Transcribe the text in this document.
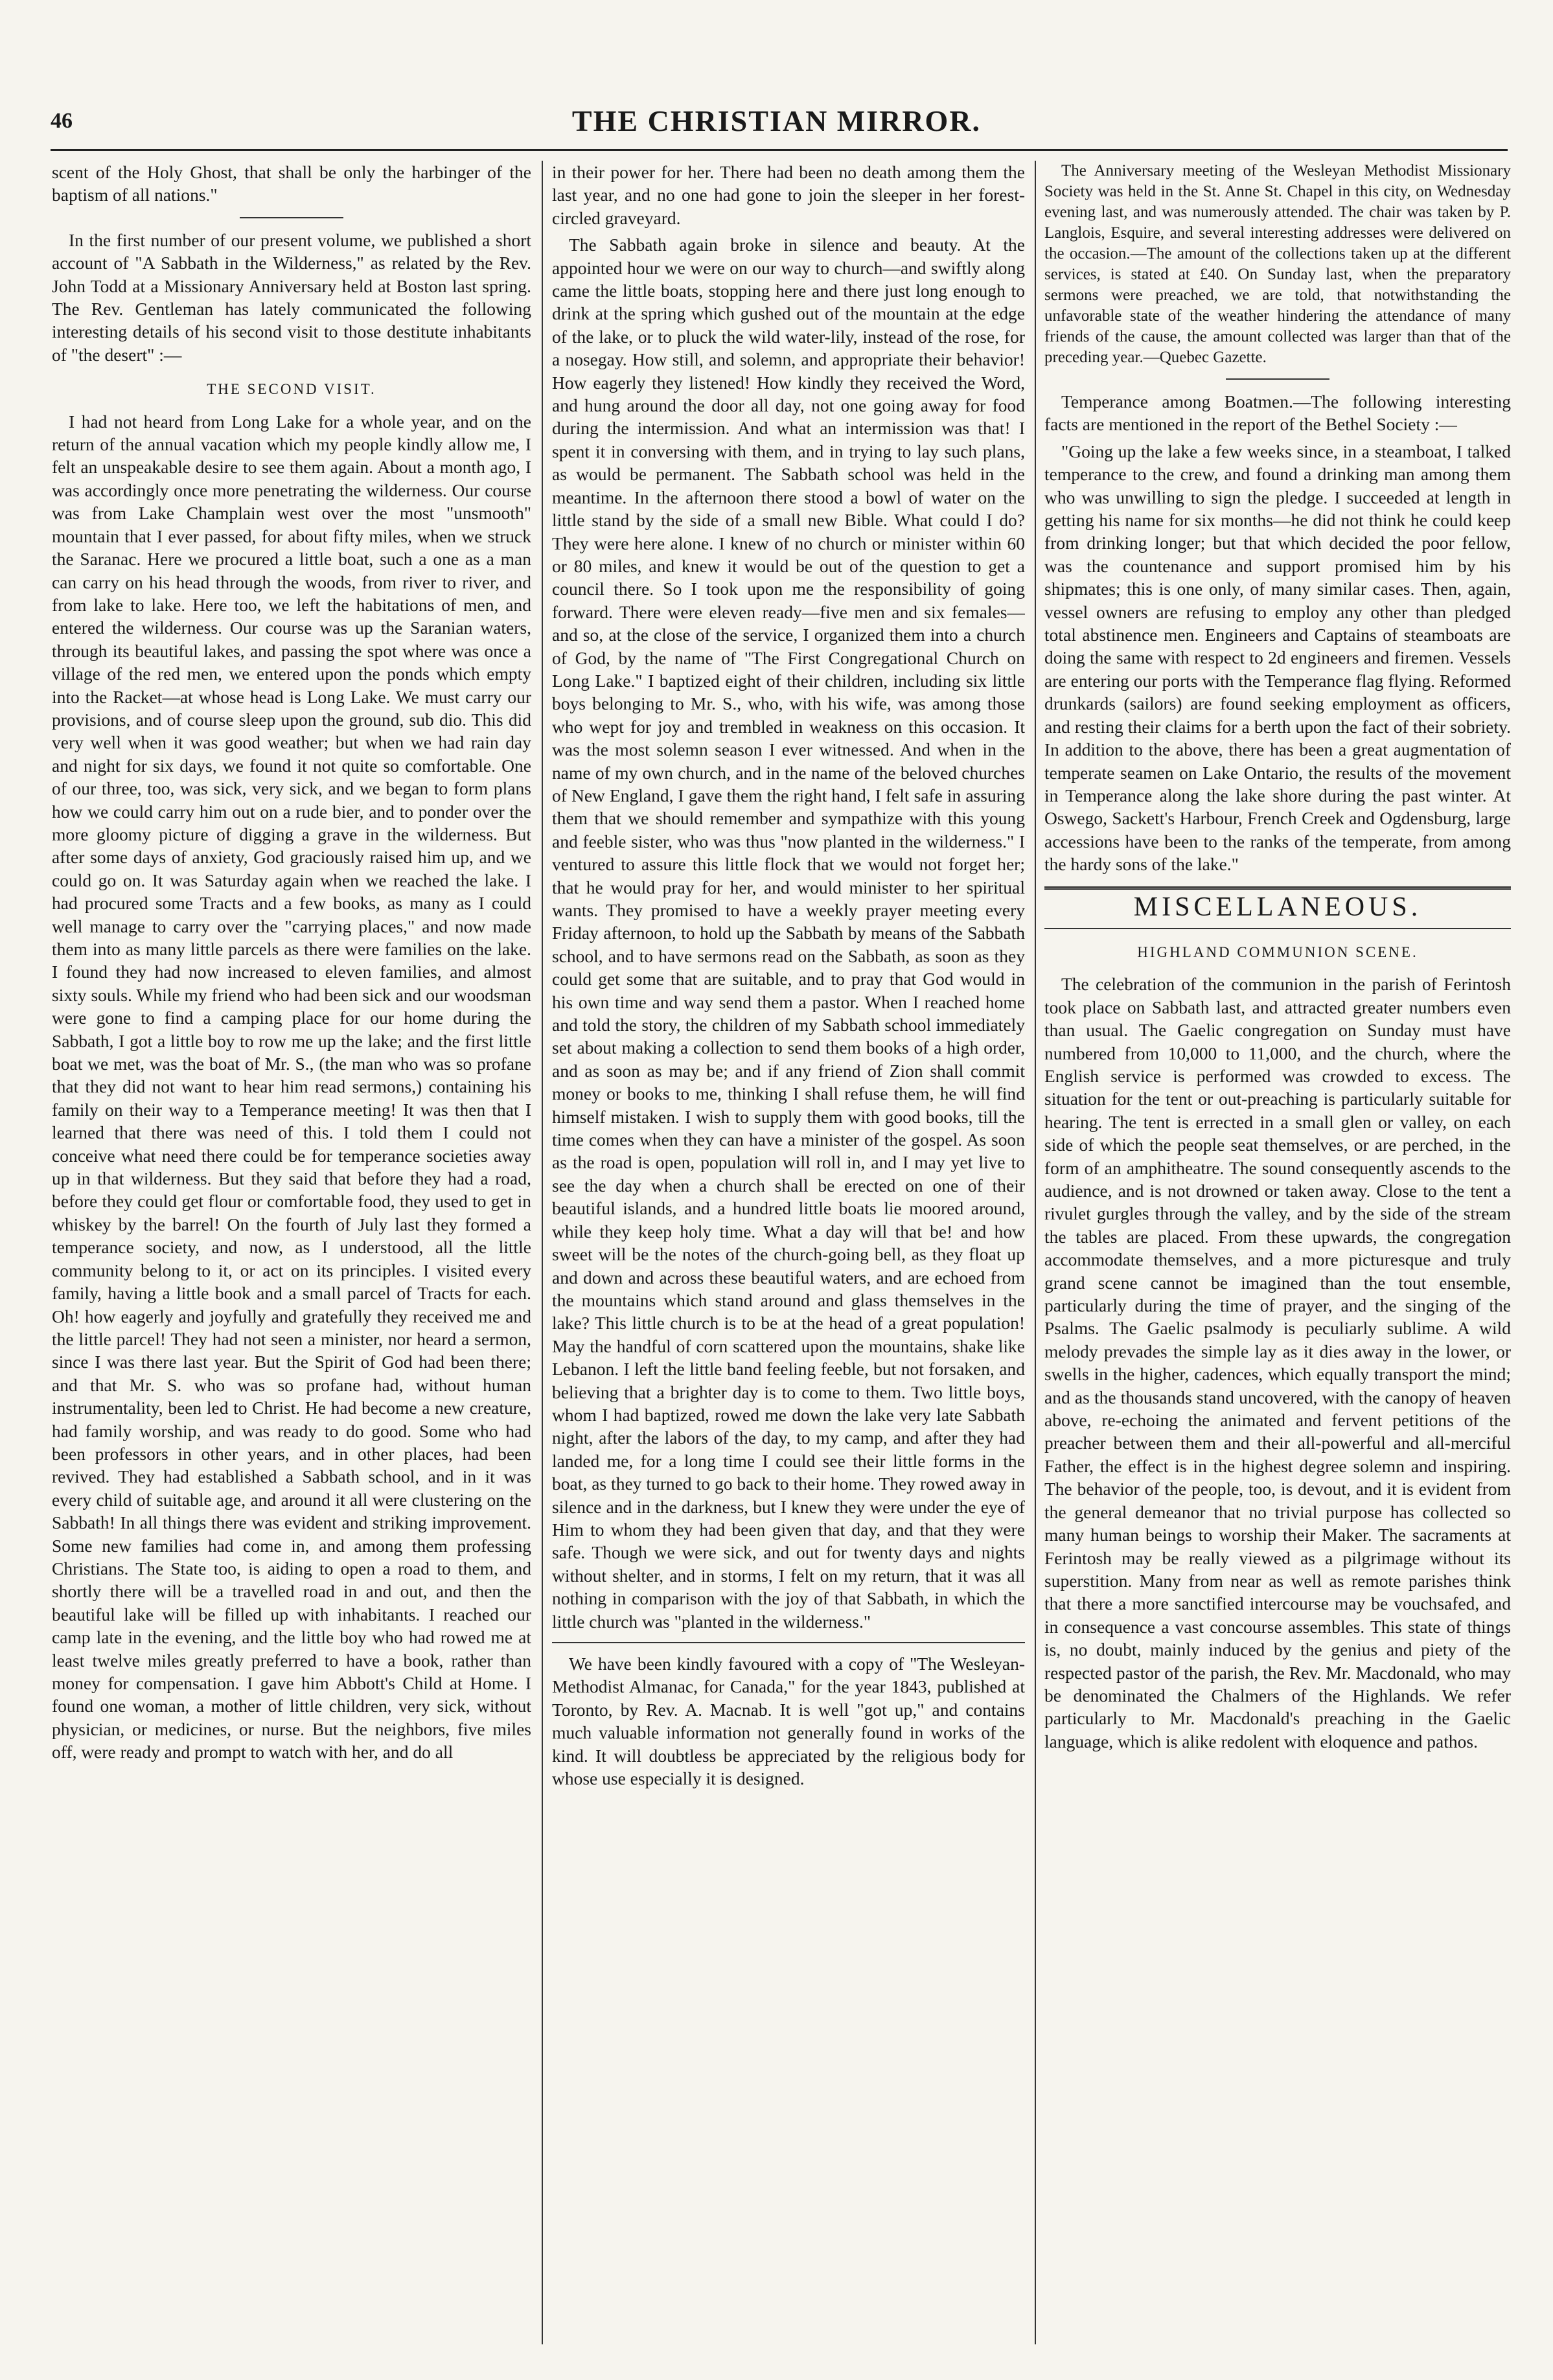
46	THE CHRISTIAN MIRROR.

scent of the Holy Ghost, that shall be only the harbinger of the baptism of all nations."

In the first number of our present volume, we published a short account of "A Sabbath in the Wilderness," as related by the Rev. John Todd at a Missionary Anniversary held at Boston last spring. The Rev. Gentleman has lately communicated the following interesting details of his second visit to those destitute inhabitants of "the desert" :—

THE SECOND VISIT.

I had not heard from Long Lake for a whole year, and on the return of the annual vacation which my people kindly allow me, I felt an unspeakable desire to see them again. About a month ago, I was accordingly once more penetrating the wilderness. Our course was from Lake Champlain west over the most "unsmooth" mountain that I ever passed, for about fifty miles, when we struck the Saranac. Here we procured a little boat, such a one as a man can carry on his head through the woods, from river to river, and from lake to lake. Here too, we left the habitations of men, and entered the wilderness. Our course was up the Saranian waters, through its beautiful lakes, and passing the spot where was once a village of the red men, we entered upon the ponds which empty into the Racket—at whose head is Long Lake. We must carry our provisions, and of course sleep upon the ground, sub dio. This did very well when it was good weather; but when we had rain day and night for six days, we found it not quite so comfortable. One of our three, too, was sick, very sick, and we began to form plans how we could carry him out on a rude bier, and to ponder over the more gloomy picture of digging a grave in the wilderness. But after some days of anxiety, God graciously raised him up, and we could go on. It was Saturday again when we reached the lake. I had procured some Tracts and a few books, as many as I could well manage to carry over the "carrying places," and now made them into as many little parcels as there were families on the lake. I found they had now increased to eleven families, and almost sixty souls. While my friend who had been sick and our woodsman were gone to find a camping place for our home during the Sabbath, I got a little boy to row me up the lake; and the first little boat we met, was the boat of Mr. S., (the man who was so profane that they did not want to hear him read sermons,) containing his family on their way to a Temperance meeting! It was then that I learned that there was need of this. I told them I could not conceive what need there could be for temperance societies away up in that wilderness. But they said that before they had a road, before they could get flour or comfortable food, they used to get in whiskey by the barrel! On the fourth of July last they formed a temperance society, and now, as I understood, all the little community belong to it, or act on its principles. I visited every family, having a little book and a small parcel of Tracts for each. Oh! how eagerly and joyfully and gratefully they received me and the little parcel! They had not seen a minister, nor heard a sermon, since I was there last year. But the Spirit of God had been there; and that Mr. S. who was so profane had, without human instrumentality, been led to Christ. He had become a new creature, had family worship, and was ready to do good. Some who had been professors in other years, and in other places, had been revived. They had established a Sabbath school, and in it was every child of suitable age, and around it all were clustering on the Sabbath! In all things there was evident and striking improvement. Some new families had come in, and among them professing Christians. The State too, is aiding to open a road to them, and shortly there will be a travelled road in and out, and then the beautiful lake will be filled up with inhabitants. I reached our camp late in the evening, and the little boy who had rowed me at least twelve miles greatly preferred to have a book, rather than money for compensation. I gave him Abbott's Child at Home. I found one woman, a mother of little children, very sick, without physician, or medicines, or nurse. But the neighbors, five miles off, were ready and prompt to watch with her, and do all

in their power for her. There had been no death among them the last year, and no one had gone to join the sleeper in her forest-circled graveyard.

The Sabbath again broke in silence and beauty. At the appointed hour we were on our way to church—and swiftly along came the little boats, stopping here and there just long enough to drink at the spring which gushed out of the mountain at the edge of the lake, or to pluck the wild water-lily, instead of the rose, for a nosegay. How still, and solemn, and appropriate their behavior! How eagerly they listened! How kindly they received the Word, and hung around the door all day, not one going away for food during the intermission. And what an intermission was that! I spent it in conversing with them, and in trying to lay such plans, as would be permanent. The Sabbath school was held in the meantime. In the afternoon there stood a bowl of water on the little stand by the side of a small new Bible. What could I do? They were here alone. I knew of no church or minister within 60 or 80 miles, and knew it would be out of the question to get a council there. So I took upon me the responsibility of going forward. There were eleven ready—five men and six females—and so, at the close of the service, I organized them into a church of God, by the name of "The First Congregational Church on Long Lake." I baptized eight of their children, including six little boys belonging to Mr. S., who, with his wife, was among those who wept for joy and trembled in weakness on this occasion. It was the most solemn season I ever witnessed. And when in the name of my own church, and in the name of the beloved churches of New England, I gave them the right hand, I felt safe in assuring them that we should remember and sympathize with this young and feeble sister, who was thus "now planted in the wilderness." I ventured to assure this little flock that we would not forget her; that he would pray for her, and would minister to her spiritual wants. They promised to have a weekly prayer meeting every Friday afternoon, to hold up the Sabbath by means of the Sabbath school, and to have sermons read on the Sabbath, as soon as they could get some that are suitable, and to pray that God would in his own time and way send them a pastor. When I reached home and told the story, the children of my Sabbath school immediately set about making a collection to send them books of a high order, and as soon as may be; and if any friend of Zion shall commit money or books to me, thinking I shall refuse them, he will find himself mistaken. I wish to supply them with good books, till the time comes when they can have a minister of the gospel. As soon as the road is open, population will roll in, and I may yet live to see the day when a church shall be erected on one of their beautiful islands, and a hundred little boats lie moored around, while they keep holy time. What a day will that be! and how sweet will be the notes of the church-going bell, as they float up and down and across these beautiful waters, and are echoed from the mountains which stand around and glass themselves in the lake? This little church is to be at the head of a great population! May the handful of corn scattered upon the mountains, shake like Lebanon. I left the little band feeling feeble, but not forsaken, and believing that a brighter day is to come to them. Two little boys, whom I had baptized, rowed me down the lake very late Sabbath night, after the labors of the day, to my camp, and after they had landed me, for a long time I could see their little forms in the boat, as they turned to go back to their home. They rowed away in silence and in the darkness, but I knew they were under the eye of Him to whom they had been given that day, and that they were safe. Though we were sick, and out for twenty days and nights without shelter, and in storms, I felt on my return, that it was all nothing in comparison with the joy of that Sabbath, in which the little church was "planted in the wilderness."

We have been kindly favoured with a copy of "The Wesleyan-Methodist Almanac, for Canada," for the year 1843, published at Toronto, by Rev. A. Macnab. It is well "got up," and contains much valuable information not generally found in works of the kind. It will doubtless be appreciated by the religious body for whose use especially it is designed.

The Anniversary meeting of the Wesleyan Methodist Missionary Society was held in the St. Anne St. Chapel in this city, on Wednesday evening last, and was numerously attended. The chair was taken by P. Langlois, Esquire, and several interesting addresses were delivered on the occasion.—The amount of the collections taken up at the different services, is stated at £40. On Sunday last, when the preparatory sermons were preached, we are told, that notwithstanding the unfavorable state of the weather hindering the attendance of many friends of the cause, the amount collected was larger than that of the preceding year.—Quebec Gazette.

Temperance among Boatmen.—The following interesting facts are mentioned in the report of the Bethel Society :—

"Going up the lake a few weeks since, in a steamboat, I talked temperance to the crew, and found a drinking man among them who was unwilling to sign the pledge. I succeeded at length in getting his name for six months—he did not think he could keep from drinking longer; but that which decided the poor fellow, was the countenance and support promised him by his shipmates; this is one only, of many similar cases. Then, again, vessel owners are refusing to employ any other than pledged total abstinence men. Engineers and Captains of steamboats are doing the same with respect to 2d engineers and firemen. Vessels are entering our ports with the Temperance flag flying. Reformed drunkards (sailors) are found seeking employment as officers, and resting their claims for a berth upon the fact of their sobriety. In addition to the above, there has been a great augmentation of temperate seamen on Lake Ontario, the results of the movement in Temperance along the lake shore during the past winter. At Oswego, Sackett's Harbour, French Creek and Ogdensburg, large accessions have been to the ranks of the temperate, from among the hardy sons of the lake."

MISCELLANEOUS.
HIGHLAND COMMUNION SCENE.

The celebration of the communion in the parish of Ferintosh took place on Sabbath last, and attracted greater numbers even than usual. The Gaelic congregation on Sunday must have numbered from 10,000 to 11,000, and the church, where the English service is performed was crowded to excess. The situation for the tent or out-preaching is particularly suitable for hearing. The tent is errected in a small glen or valley, on each side of which the people seat themselves, or are perched, in the form of an amphitheatre. The sound consequently ascends to the audience, and is not drowned or taken away. Close to the tent a rivulet gurgles through the valley, and by the side of the stream the tables are placed. From these upwards, the congregation accommodate themselves, and a more picturesque and truly grand scene cannot be imagined than the tout ensemble, particularly during the time of prayer, and the singing of the Psalms. The Gaelic psalmody is peculiarly sublime. A wild melody prevades the simple lay as it dies away in the lower, or swells in the higher, cadences, which equally transport the mind; and as the thousands stand uncovered, with the canopy of heaven above, re-echoing the animated and fervent petitions of the preacher between them and their all-powerful and all-merciful Father, the effect is in the highest degree solemn and inspiring. The behavior of the people, too, is devout, and it is evident from the general demeanor that no trivial purpose has collected so many human beings to worship their Maker. The sacraments at Ferintosh may be really viewed as a pilgrimage without its superstition. Many from near as well as remote parishes think that there a more sanctified intercourse may be vouchsafed, and in consequence a vast concourse assembles. This state of things is, no doubt, mainly induced by the genius and piety of the respected pastor of the parish, the Rev. Mr. Macdonald, who may be denominated the Chalmers of the Highlands. We refer particularly to Mr. Macdonald's preaching in the Gaelic language, which is alike redolent with eloquence and pathos.
